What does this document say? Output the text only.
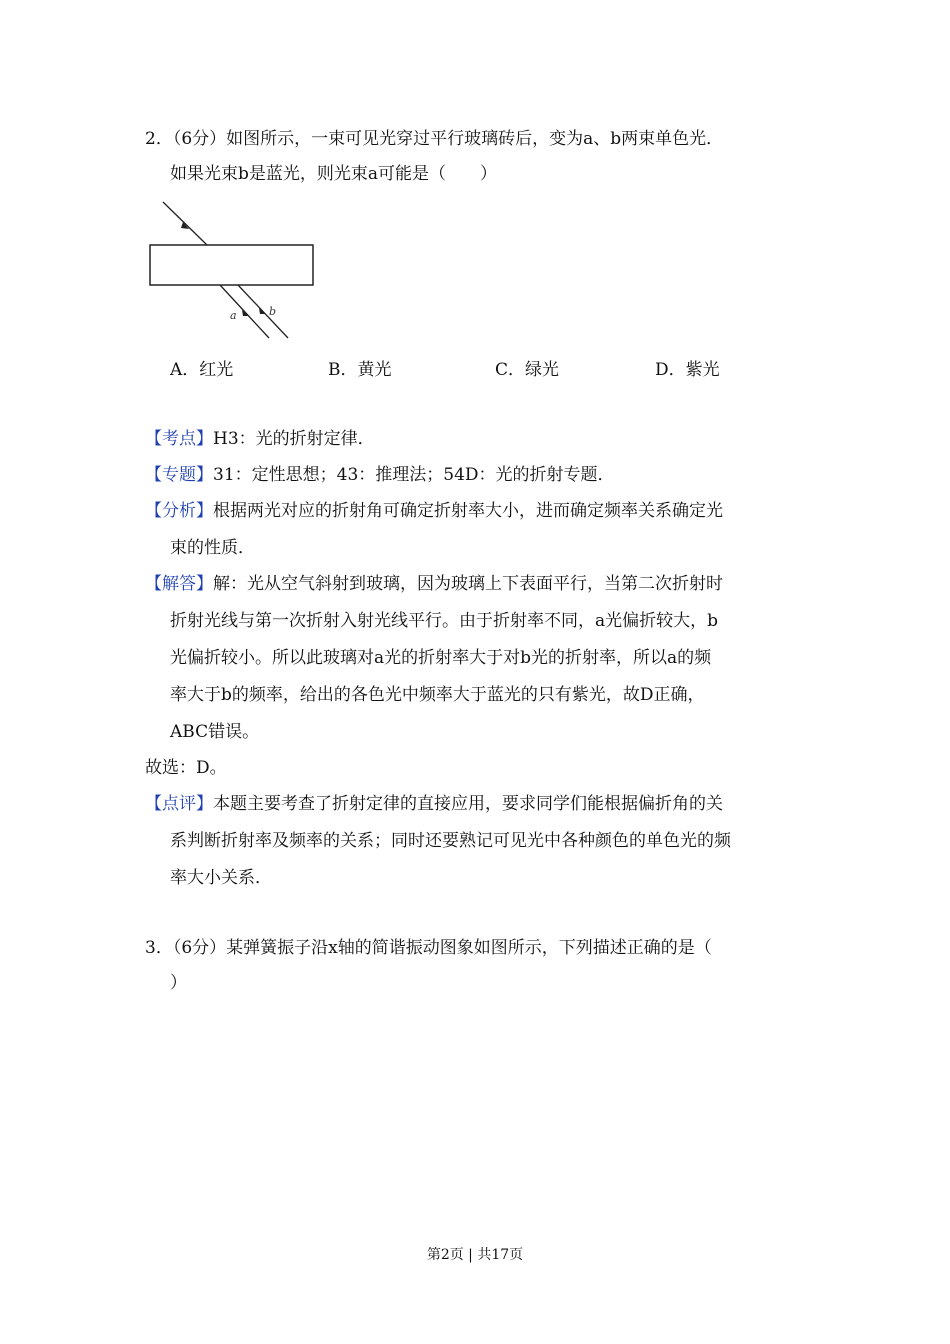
2．（6分）如图所示，一束可见光穿过平行玻璃砖后，变为a、b两束单色光．
如果光束b是蓝光，则光束a可能是（　　）
a	b
A．红光	B．黄光	C．绿光	D．紫光
【考点】H3：光的折射定律．
【专题】31：定性思想；43：推理法；54D：光的折射专题．
【分析】根据两光对应的折射角可确定折射率大小，进而确定频率关系确定光
束的性质．
【解答】解：光从空气斜射到玻璃，因为玻璃上下表面平行，当第二次折射时
折射光线与第一次折射入射光线平行。由于折射率不同，a光偏折较大，b
光偏折较小。所以此玻璃对a光的折射率大于对b光的折射率，所以a的频
率大于b的频率，给出的各色光中频率大于蓝光的只有紫光，故D正确，
ABC错误。
故选：D。
【点评】本题主要考查了折射定律的直接应用，要求同学们能根据偏折角的关
系判断折射率及频率的关系；同时还要熟记可见光中各种颜色的单色光的频
率大小关系．
3．（6分）某弹簧振子沿x轴的简谐振动图象如图所示，下列描述正确的是（
）
第2页 | 共17页
